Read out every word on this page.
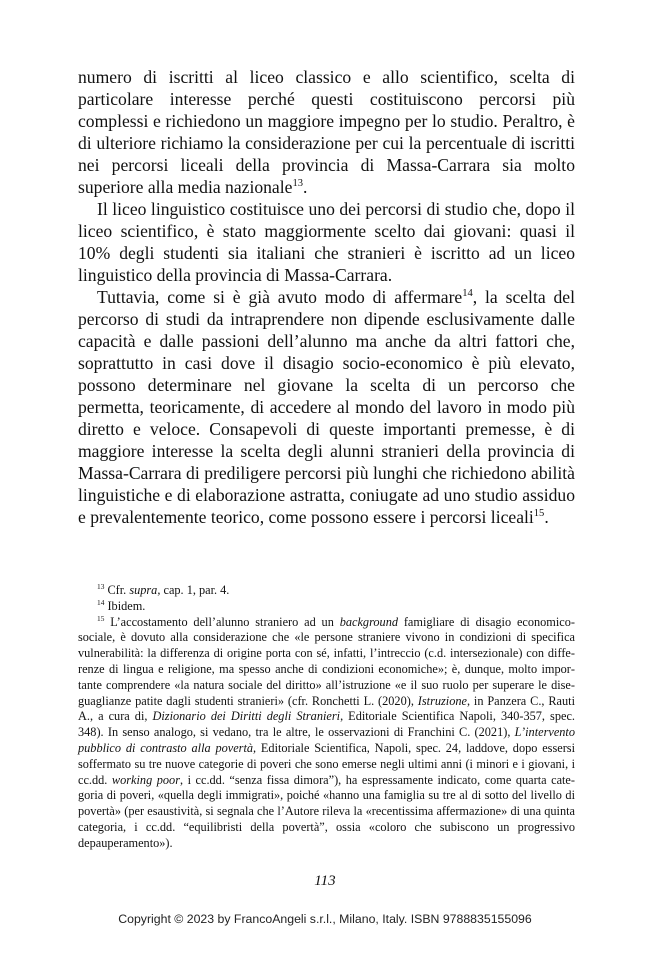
numero di iscritti al liceo classico e allo scientifico, scelta di particolare interesse perché questi costituiscono percorsi più complessi e richiedono un maggiore impegno per lo studio. Peraltro, è di ulteriore richiamo la considerazione per cui la percentuale di iscritti nei percorsi liceali della provincia di Massa-Carrara sia molto superiore alla media nazionale$^{13}$.

Il liceo linguistico costituisce uno dei percorsi di studio che, dopo il liceo scientifico, è stato maggiormente scelto dai giovani: quasi il 10% degli studenti sia italiani che stranieri è iscritto ad un liceo linguistico della provincia di Massa-Carrara.

Tuttavia, come si è già avuto modo di affermare$^{14}$, la scelta del percorso di studi da intraprendere non dipende esclusivamente dalle capacità e dalle passioni dell’alunno ma anche da altri fattori che, soprattutto in casi dove il disagio socio-economico è più elevato, possono determinare nel giovane la scelta di un percorso che permetta, teoricamente, di accedere al mondo del lavoro in modo più diretto e veloce. Consapevoli di queste importanti premesse, è di maggiore interesse la scelta degli alunni stranieri della provincia di Massa-Carrara di prediligere percorsi più lunghi che richiedono abilità linguistiche e di elaborazione astratta, coniugate ad uno studio assiduo e prevalentemente teorico, come possono essere i percorsi liceali$^{15}$.

$^{13}$ Cfr. supra, cap. 1, par. 4.

$^{14}$ Ibidem.

$^{15}$ L’accostamento dell’alunno straniero ad un background famigliare di disagio economico-sociale, è dovuto alla considerazione che «le persone straniere vivono in condizioni di specifica vulnerabilità: la differenza di origine porta con sé, infatti, l’intreccio (c.d. intersezionale) con differenze di lingua e religione, ma spesso anche di condizioni economiche»; è, dunque, molto importante comprendere «la natura sociale del diritto» all’istruzione «e il suo ruolo per superare le diseguaglianze patite dagli studenti stranieri» (cfr. Ronchetti L. (2020), Istruzione, in Panzera C., Rauti A., a cura di, Dizionario dei Diritti degli Stranieri, Editoriale Scientifica Napoli, 340-357, spec. 348). In senso analogo, si vedano, tra le altre, le osservazioni di Franchini C. (2021), L’intervento pubblico di contrasto alla povertà, Editoriale Scientifica, Napoli, spec. 24, laddove, dopo essersi soffermato su tre nuove categorie di poveri che sono emerse negli ultimi anni (i minori e i giovani, i cc.dd. working poor, i cc.dd. “senza fissa dimora”), ha espressamente indicato, come quarta categoria di poveri, «quella degli immigrati», poiché «hanno una famiglia su tre al di sotto del livello di povertà» (per esaustività, si segnala che l’Autore rileva la «recentissima affermazione» di una quinta categoria, i cc.dd. “equilibristi della povertà”, ossia «coloro che subiscono un progressivo depauperamento»).

113
Copyright © 2023 by FrancoAngeli s.r.l., Milano, Italy. ISBN 9788835155096
